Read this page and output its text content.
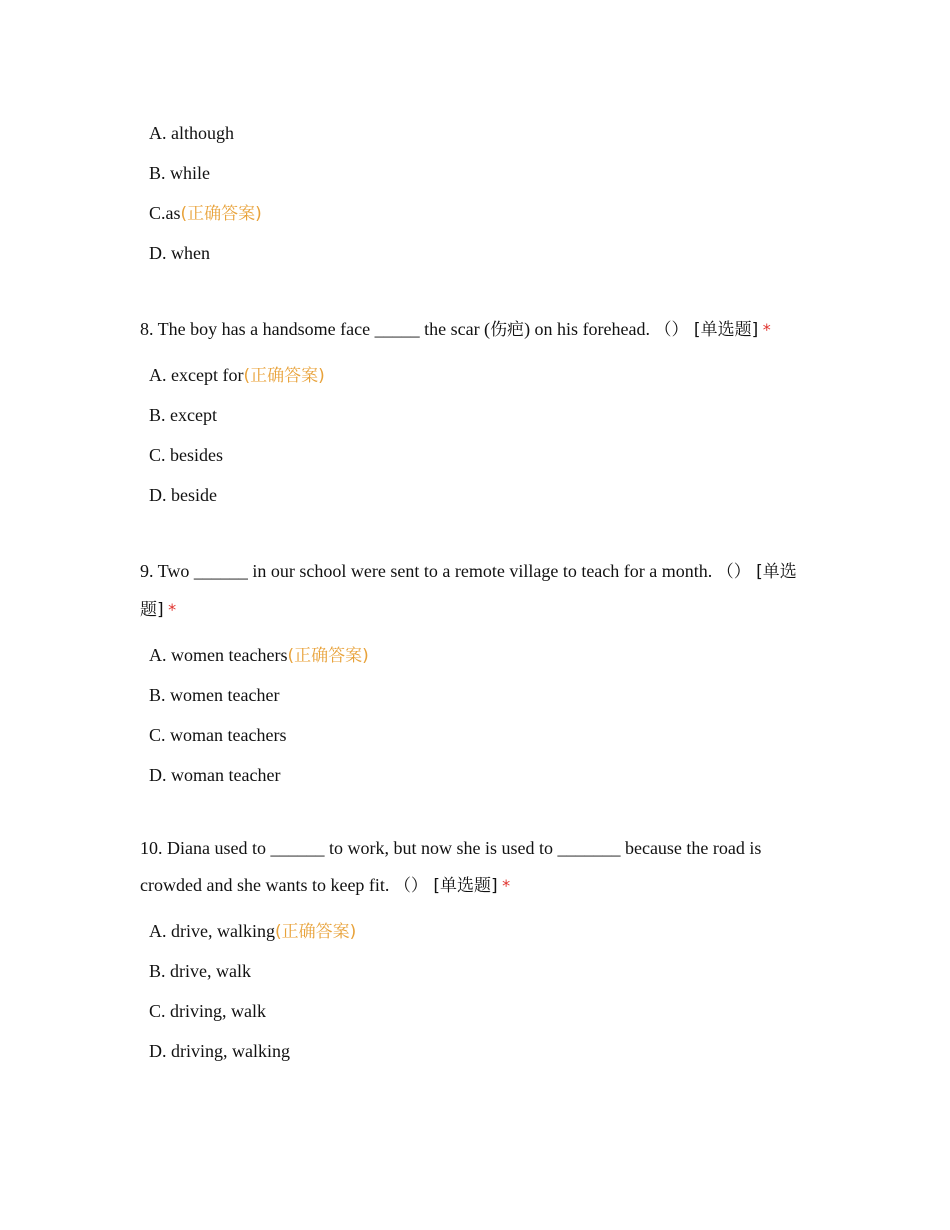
A. although
B. while
C.as(正确答案)
D. when
8. The boy has a handsome face _____ the scar (伤疤) on his forehead. （） [单选题] *
A. except for(正确答案)
B. except
C. besides
D. beside
9. Two ______ in our school were sent to a remote village to teach for a month. （） [单选题] *
A. women teachers(正确答案)
B. women teacher
C. woman teachers
D. woman teacher
10. Diana used to ______ to work, but now she is used to _______ because the road is crowded and she wants to keep fit. （） [单选题] *
A. drive, walking(正确答案)
B. drive, walk
C. driving, walk
D. driving, walking
